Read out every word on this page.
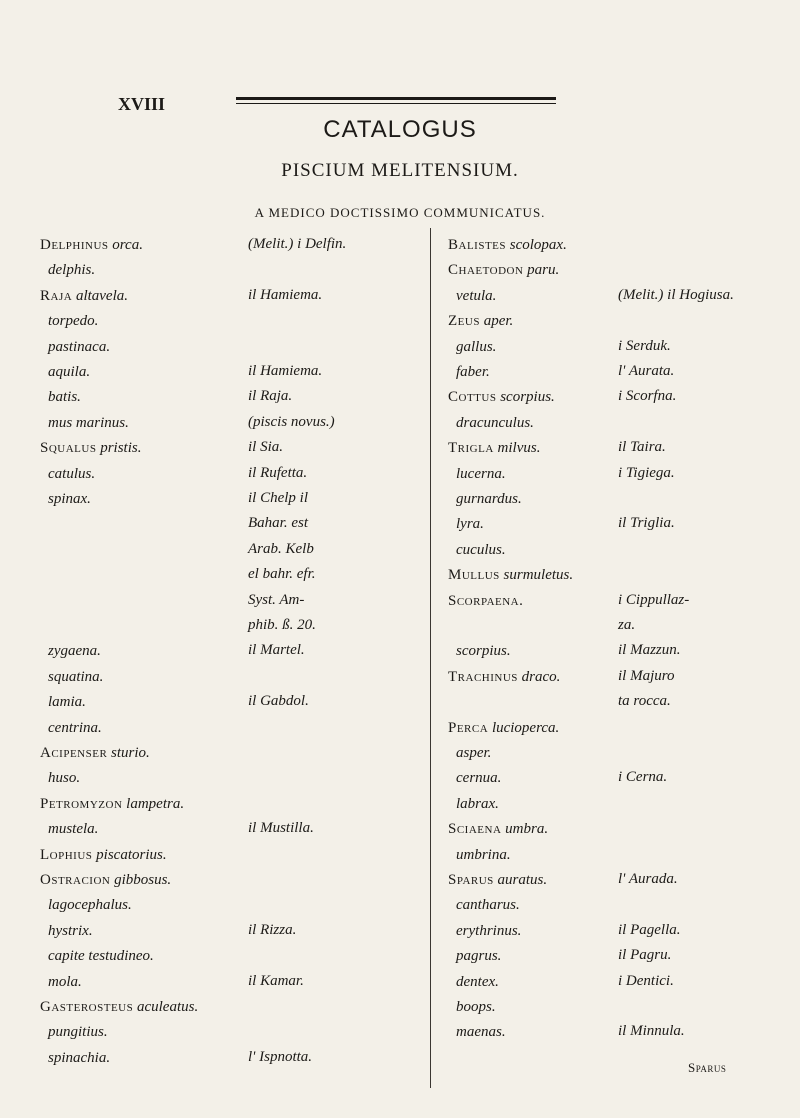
XVIII
CATALOGUS
PISCIUM MELITENSIUM.
A MEDICO DOCTISSIMO COMMUNICATUS.
Delphinus orca.	(Melit.) i Delfin.
delphis.
Raja altavela.	il Hamiema.
torpedo.
pastinaca.
aquila.	il Hamiema.
batis.	il Raja.
mus marinus.	(piscis novus.)
Squalus pristis.	il Sia.
catulus.	il Rufetta.
spinax.	il Chelp il
Bahar. est
Arab. Kelb
el bahr. efr.
Syst. Am-
phib. ß. 20.
zygaena.	il Martel.
squatina.
lamia.	il Gabdol.
centrina.
Acipenser sturio.
huso.
Petromyzon lampetra.
mustela.	il Mustilla.
Lophius piscatorius.
Ostracion gibbosus.
lagocephalus.
hystrix.	il Rizza.
capite testudineo.
mola.	il Kamar.
Gasterosteus aculeatus.
pungitius.
spinachia.	l' Ispnotta.
Balistes scolopax.
Chaetodon paru.
vetula.	(Melit.) il Hogiusa.
Zeus aper.
gallus.	i Serduk.
faber.	l' Aurata.
Cottus scorpius.	i Scorfna.
dracunculus.
Trigla milvus.	il Taira.
lucerna.	i Tigiega.
gurnardus.
lyra.	il Triglia.
cuculus.
Mullus surmuletus.
Scorpaena.	i Cippullaz-
za.
scorpius.	il Mazzun.
Trachinus draco.	il Majuro
ta rocca.
Perca lucioperca.
asper.
cernua.	i Cerna.
labrax.
Sciaena umbra.
umbrina.
Sparus auratus.	l' Aurada.
cantharus.
erythrinus.	il Pagella.
pagrus.	il Pagru.
dentex.	i Dentici.
boops.
maenas.	il Minnula.
Sparus
